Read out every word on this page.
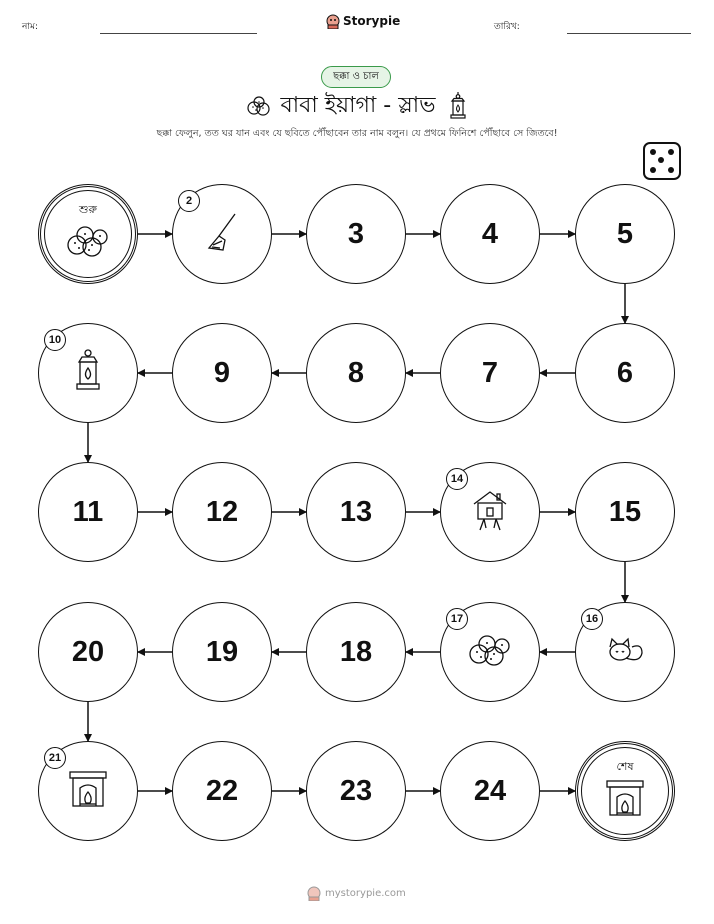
নাম:	Storypie	তারিখ:
ছক্কা ও চাল
বাবা ইয়াগা - স্লাভ
ছক্কা ফেলুন, তত ঘর যান এবং যে ছবিতে পৌঁছাবেন তার নাম বলুন। যে প্রথমে ফিনিশে পৌঁছাবে সে জিতবে!
শুরু
2
3	4	5
6
7
8
9
10
11	12	13
14
15
16
17
18
19
20
21
22	23	24
শেষ
mystorypie.com
